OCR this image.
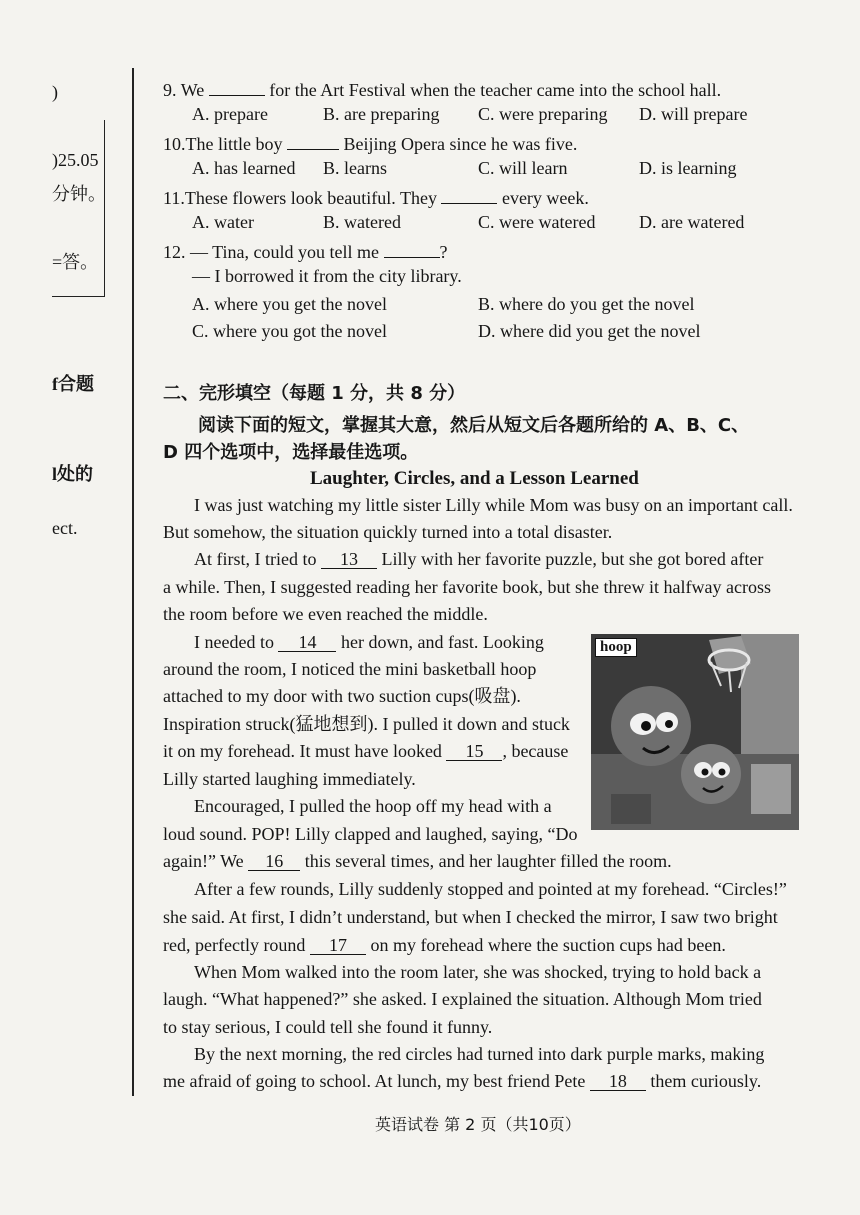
)
)25.05
分钟。
=答。
f合题
l处的
ect.
9. We	for the Art Festival when the teacher came into the school hall.
A. prepare	B. are preparing C. were preparing D. will prepare
10.The little boy	Beijing Opera since he was five.
A. has learned B. learns	C. will learn	D. is learning
11.These flowers look beautiful. They	every week.
A. water	B. watered	C. were watered D. are watered
12. — Tina, could you tell me	?
— I borrowed it from the city library.
A. where you get the novel	B. where do you get the novel
C. where you got the novel	D. where did you get the novel
二、完形填空（每题 1 分，共 8 分）
阅读下面的短文，掌握其大意，然后从短文后各题所给的 A、B、C、
D 四个选项中，选择最佳选项。
Laughter, Circles, and a Lesson Learned
I was just watching my little sister Lilly while Mom was busy on an important call.
But somehow, the situation quickly turned into a total disaster.
At first, I tried to 13 Lilly with her favorite puzzle, but she got bored after
a while. Then, I suggested reading her favorite book, but she threw it halfway across
the room before we even reached the middle.
I needed to 14 her down, and fast. Looking
around the room, I noticed the mini basketball hoop
attached to my door with two suction cups(吸盘).
Inspiration struck(猛地想到). I pulled it down and stuck
it on my forehead. It must have looked 15 , because
Lilly started laughing immediately.
Encouraged, I pulled the hoop off my head with a
loud sound. POP! Lilly clapped and laughed, saying, “Do
again!” We 16 this several times, and her laughter filled the room.
After a few rounds, Lilly suddenly stopped and pointed at my forehead. “Circles!”
she said. At first, I didn’t understand, but when I checked the mirror, I saw two bright
red, perfectly round 17 on my forehead where the suction cups had been.
When Mom walked into the room later, she was shocked, trying to hold back a
laugh. “What happened?” she asked. I explained the situation. Although Mom tried
to stay serious, I could tell she found it funny.
By the next morning, the red circles had turned into dark purple marks, making
me afraid of going to school. At lunch, my best friend Pete 18 them curiously.
hoop
英语试卷 第 2 页（共10页）
